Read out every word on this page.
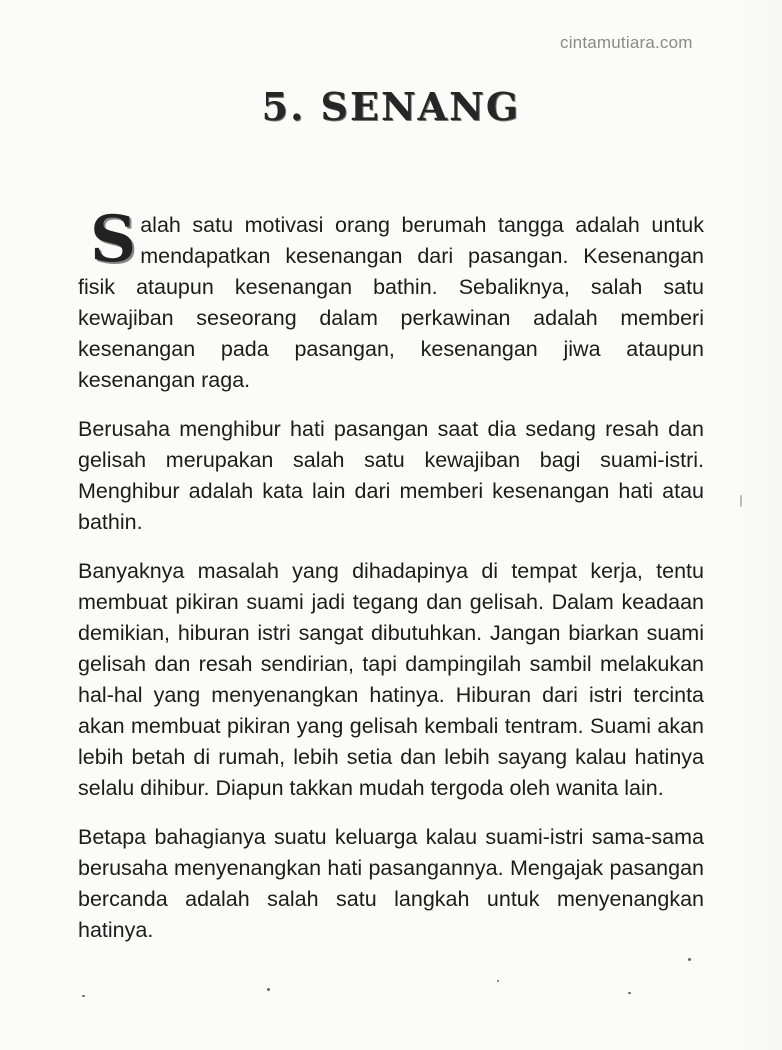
cintamutiara.com
5. SENANG

Salah satu motivasi orang berumah tangga adalah untuk mendapatkan kesenangan dari pasangan. Kesenangan fisik ataupun kesenangan bathin. Sebaliknya, salah satu kewajiban seseorang dalam perkawinan adalah memberi kesenangan pada pasangan, kesenangan jiwa ataupun kesenangan raga.

Berusaha menghibur hati pasangan saat dia sedang resah dan gelisah merupakan salah satu kewajiban bagi suami-istri. Menghibur adalah kata lain dari memberi kesenangan hati atau bathin.

Banyaknya masalah yang dihadapinya di tempat kerja, tentu membuat pikiran suami jadi tegang dan gelisah. Dalam keadaan demikian, hiburan istri sangat dibutuhkan. Jangan biarkan suami gelisah dan resah sendirian, tapi dampingilah sambil melakukan hal-hal yang menyenangkan hatinya. Hiburan dari istri tercinta akan membuat pikiran yang gelisah kembali tentram. Suami akan lebih betah di rumah, lebih setia dan lebih sayang kalau hatinya selalu dihibur. Diapun takkan mudah tergoda oleh wanita lain.

Betapa bahagianya suatu keluarga kalau suami-istri sama-sama berusaha menyenangkan hati pasangannya. Mengajak pasangan bercanda adalah salah satu langkah untuk menyenangkan hatinya.
